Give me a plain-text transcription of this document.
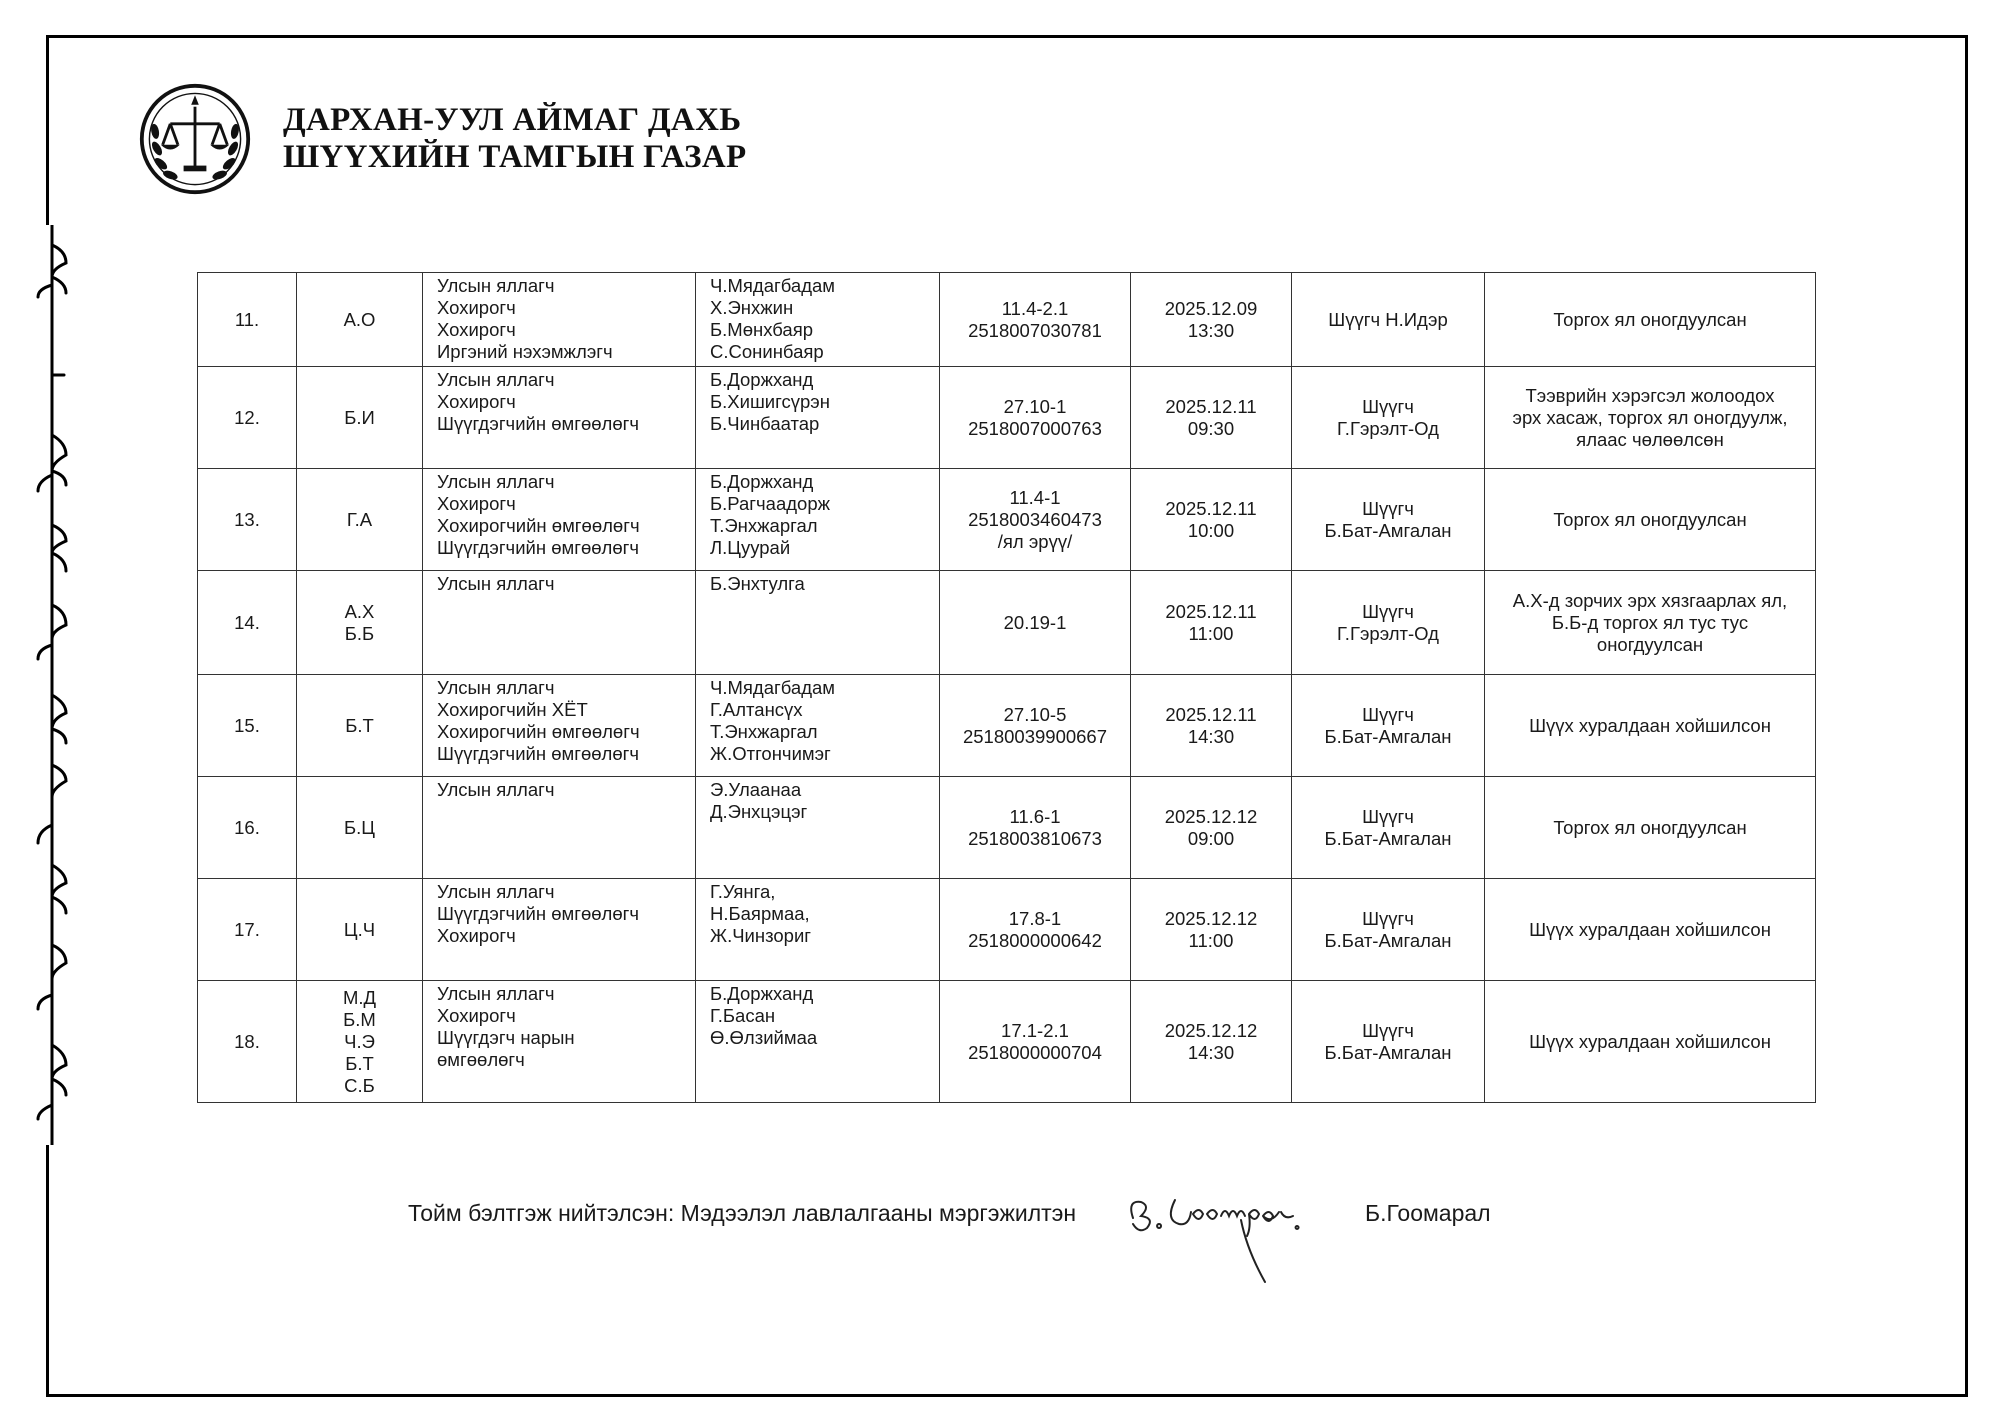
ДАРХАН-УУЛ АЙМАГ ДАХЬ
ШҮҮХИЙН ТАМГЫН ГАЗАР
11.	А.О	Улсын яллагч
Хохирогч
Хохирогч
Иргэний нэхэмжлэгч	Ч.Мядагбадам
Х.Энхжин
Б.Мөнхбаяр
С.Сонинбаяр	11.4-2.1
2518007030781	2025.12.09
13:30	Шүүгч Н.Идэр	Торгох ял оногдуулсан

12.	Б.И	Улсын яллагч
Хохирогч
Шүүгдэгчийн өмгөөлөгч	Б.Доржханд
Б.Хишигсүрэн
Б.Чинбаатар	27.10-1
2518007000763	2025.12.11
09:30	Шүүгч
Г.Гэрэлт-Од	Тээврийн хэрэгсэл жолоодох
эрх хасаж, торгох ял оногдуулж,
ялаас чөлөөлсөн

13.	Г.А	Улсын яллагч
Хохирогч
Хохирогчийн өмгөөлөгч
Шүүгдэгчийн өмгөөлөгч	Б.Доржханд
Б.Рагчаадорж
Т.Энхжаргал
Л.Цуурай	11.4-1
2518003460473
/ял эрүү/	2025.12.11
10:00	Шүүгч
Б.Бат-Амгалан	Торгох ял оногдуулсан

14.	А.Х
Б.Б	Улсын яллагч	Б.Энхтулга	20.19-1	2025.12.11
11:00	Шүүгч
Г.Гэрэлт-Од	А.Х-д зорчих эрх хязгаарлах ял,
Б.Б-д торгох ял тус тус
оногдуулсан

15.	Б.Т	Улсын яллагч
Хохирогчийн ХЁТ
Хохирогчийн өмгөөлөгч
Шүүгдэгчийн өмгөөлөгч	Ч.Мядагбадам
Г.Алтансүх
Т.Энхжаргал
Ж.Отгончимэг	27.10-5
25180039900667	2025.12.11
14:30	Шүүгч
Б.Бат-Амгалан	Шүүх хуралдаан хойшилсон

16.	Б.Ц	Улсын яллагч	Э.Улаанаа
Д.Энхцэцэг	11.6-1
2518003810673	2025.12.12
09:00	Шүүгч
Б.Бат-Амгалан	Торгох ял оногдуулсан

17.	Ц.Ч	Улсын яллагч
Шүүгдэгчийн өмгөөлөгч
Хохирогч	Г.Уянга,
Н.Баярмаа,
Ж.Чинзориг	17.8-1
2518000000642	2025.12.12
11:00	Шүүгч
Б.Бат-Амгалан	Шүүх хуралдаан хойшилсон

18.	М.Д
Б.М
Ч.Э
Б.Т
С.Б	Улсын яллагч
Хохирогч
Шүүгдэгч нарын
өмгөөлөгч	Б.Доржханд
Г.Басан
Ө.Өлзиймаа	17.1-2.1
2518000000704	2025.12.12
14:30	Шүүгч
Б.Бат-Амгалан	Шүүх хуралдаан хойшилсон
Тойм бэлтгэж нийтэлсэн: Мэдээлэл лавлалгааны мэргэжилтэн	Б.Гоомарал
